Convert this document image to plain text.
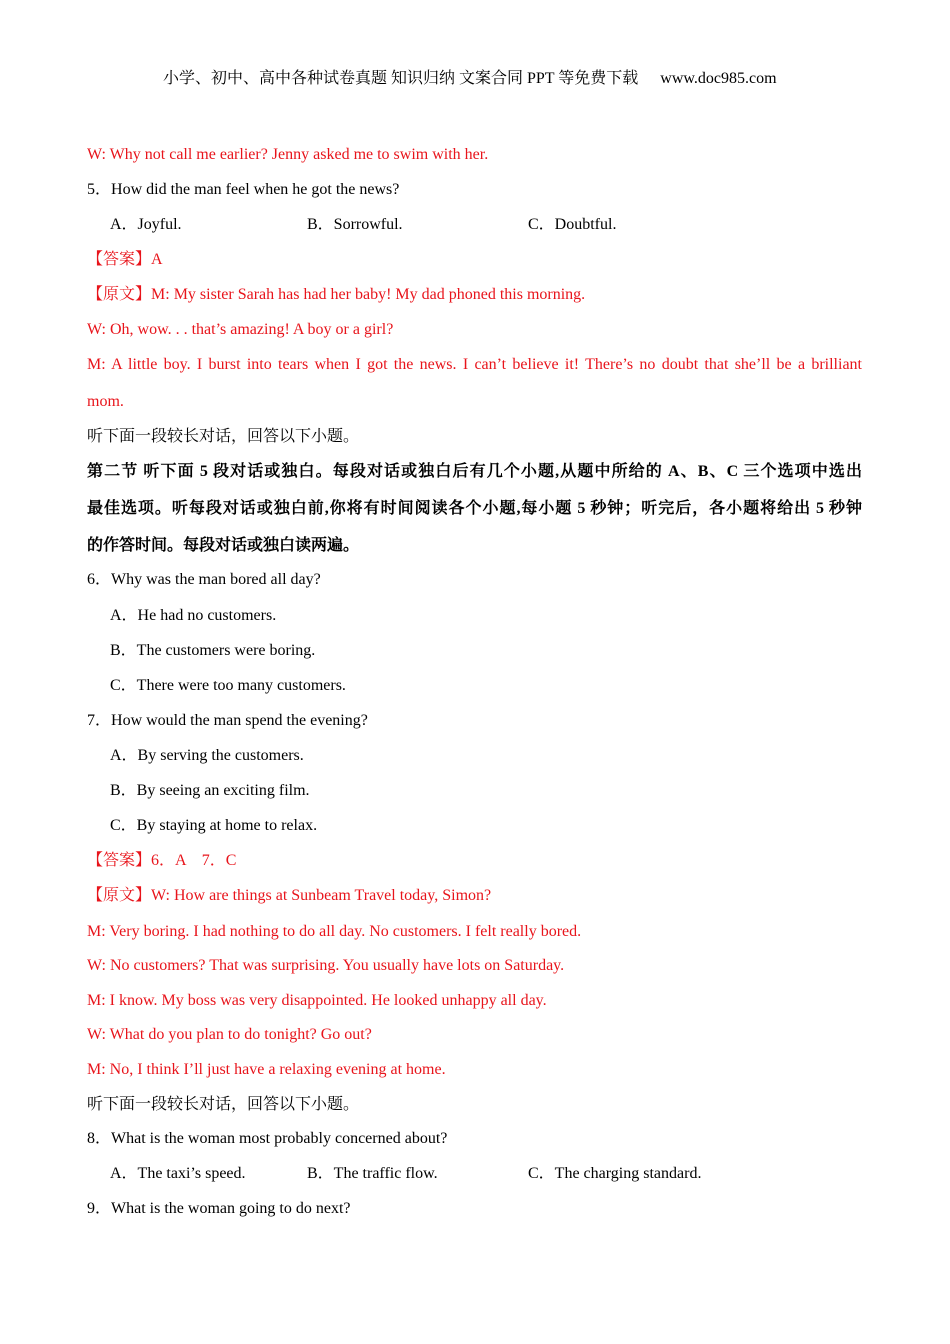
小学、初中、高中各种试卷真题 知识归纳 文案合同 PPT 等免费下载 www.doc985.com
W: Why not call me earlier? Jenny asked me to swim with her.
5．How did the man feel when he got the news?
A．Joyful.	B．Sorrowful.	C．Doubtful.
【答案】A
【原文】M: My sister Sarah has had her baby! My dad phoned this morning.
W: Oh, wow. . . that’s amazing! A boy or a girl?
M: A little boy. I burst into tears when I got the news. I can’t believe it! There’s no doubt that she’ll be a brilliant
mom.
听下面一段较长对话，回答以下小题。
第二节 听下面 5 段对话或独白。每段对话或独白后有几个小题,从题中所给的 A、B、C 三个选项中选出
最佳选项。听每段对话或独白前,你将有时间阅读各个小题,每小题 5 秒钟；听完后，各小题将给出 5 秒钟
的作答时间。每段对话或独白读两遍。
6．Why was the man bored all day?
A．He had no customers.
B．The customers were boring.
C．There were too many customers.
7．How would the man spend the evening?
A．By serving the customers.
B．By seeing an exciting film.
C．By staying at home to relax.
【答案】6．A　7．C
【原文】W: How are things at Sunbeam Travel today, Simon?
M: Very boring. I had nothing to do all day. No customers. I felt really bored.
W: No customers? That was surprising. You usually have lots on Saturday.
M: I know. My boss was very disappointed. He looked unhappy all day.
W: What do you plan to do tonight? Go out?
M: No, I think I’ll just have a relaxing evening at home.
听下面一段较长对话，回答以下小题。
8．What is the woman most probably concerned about?
A．The taxi’s speed.	B．The traffic flow.	C．The charging standard.
9．What is the woman going to do next?
